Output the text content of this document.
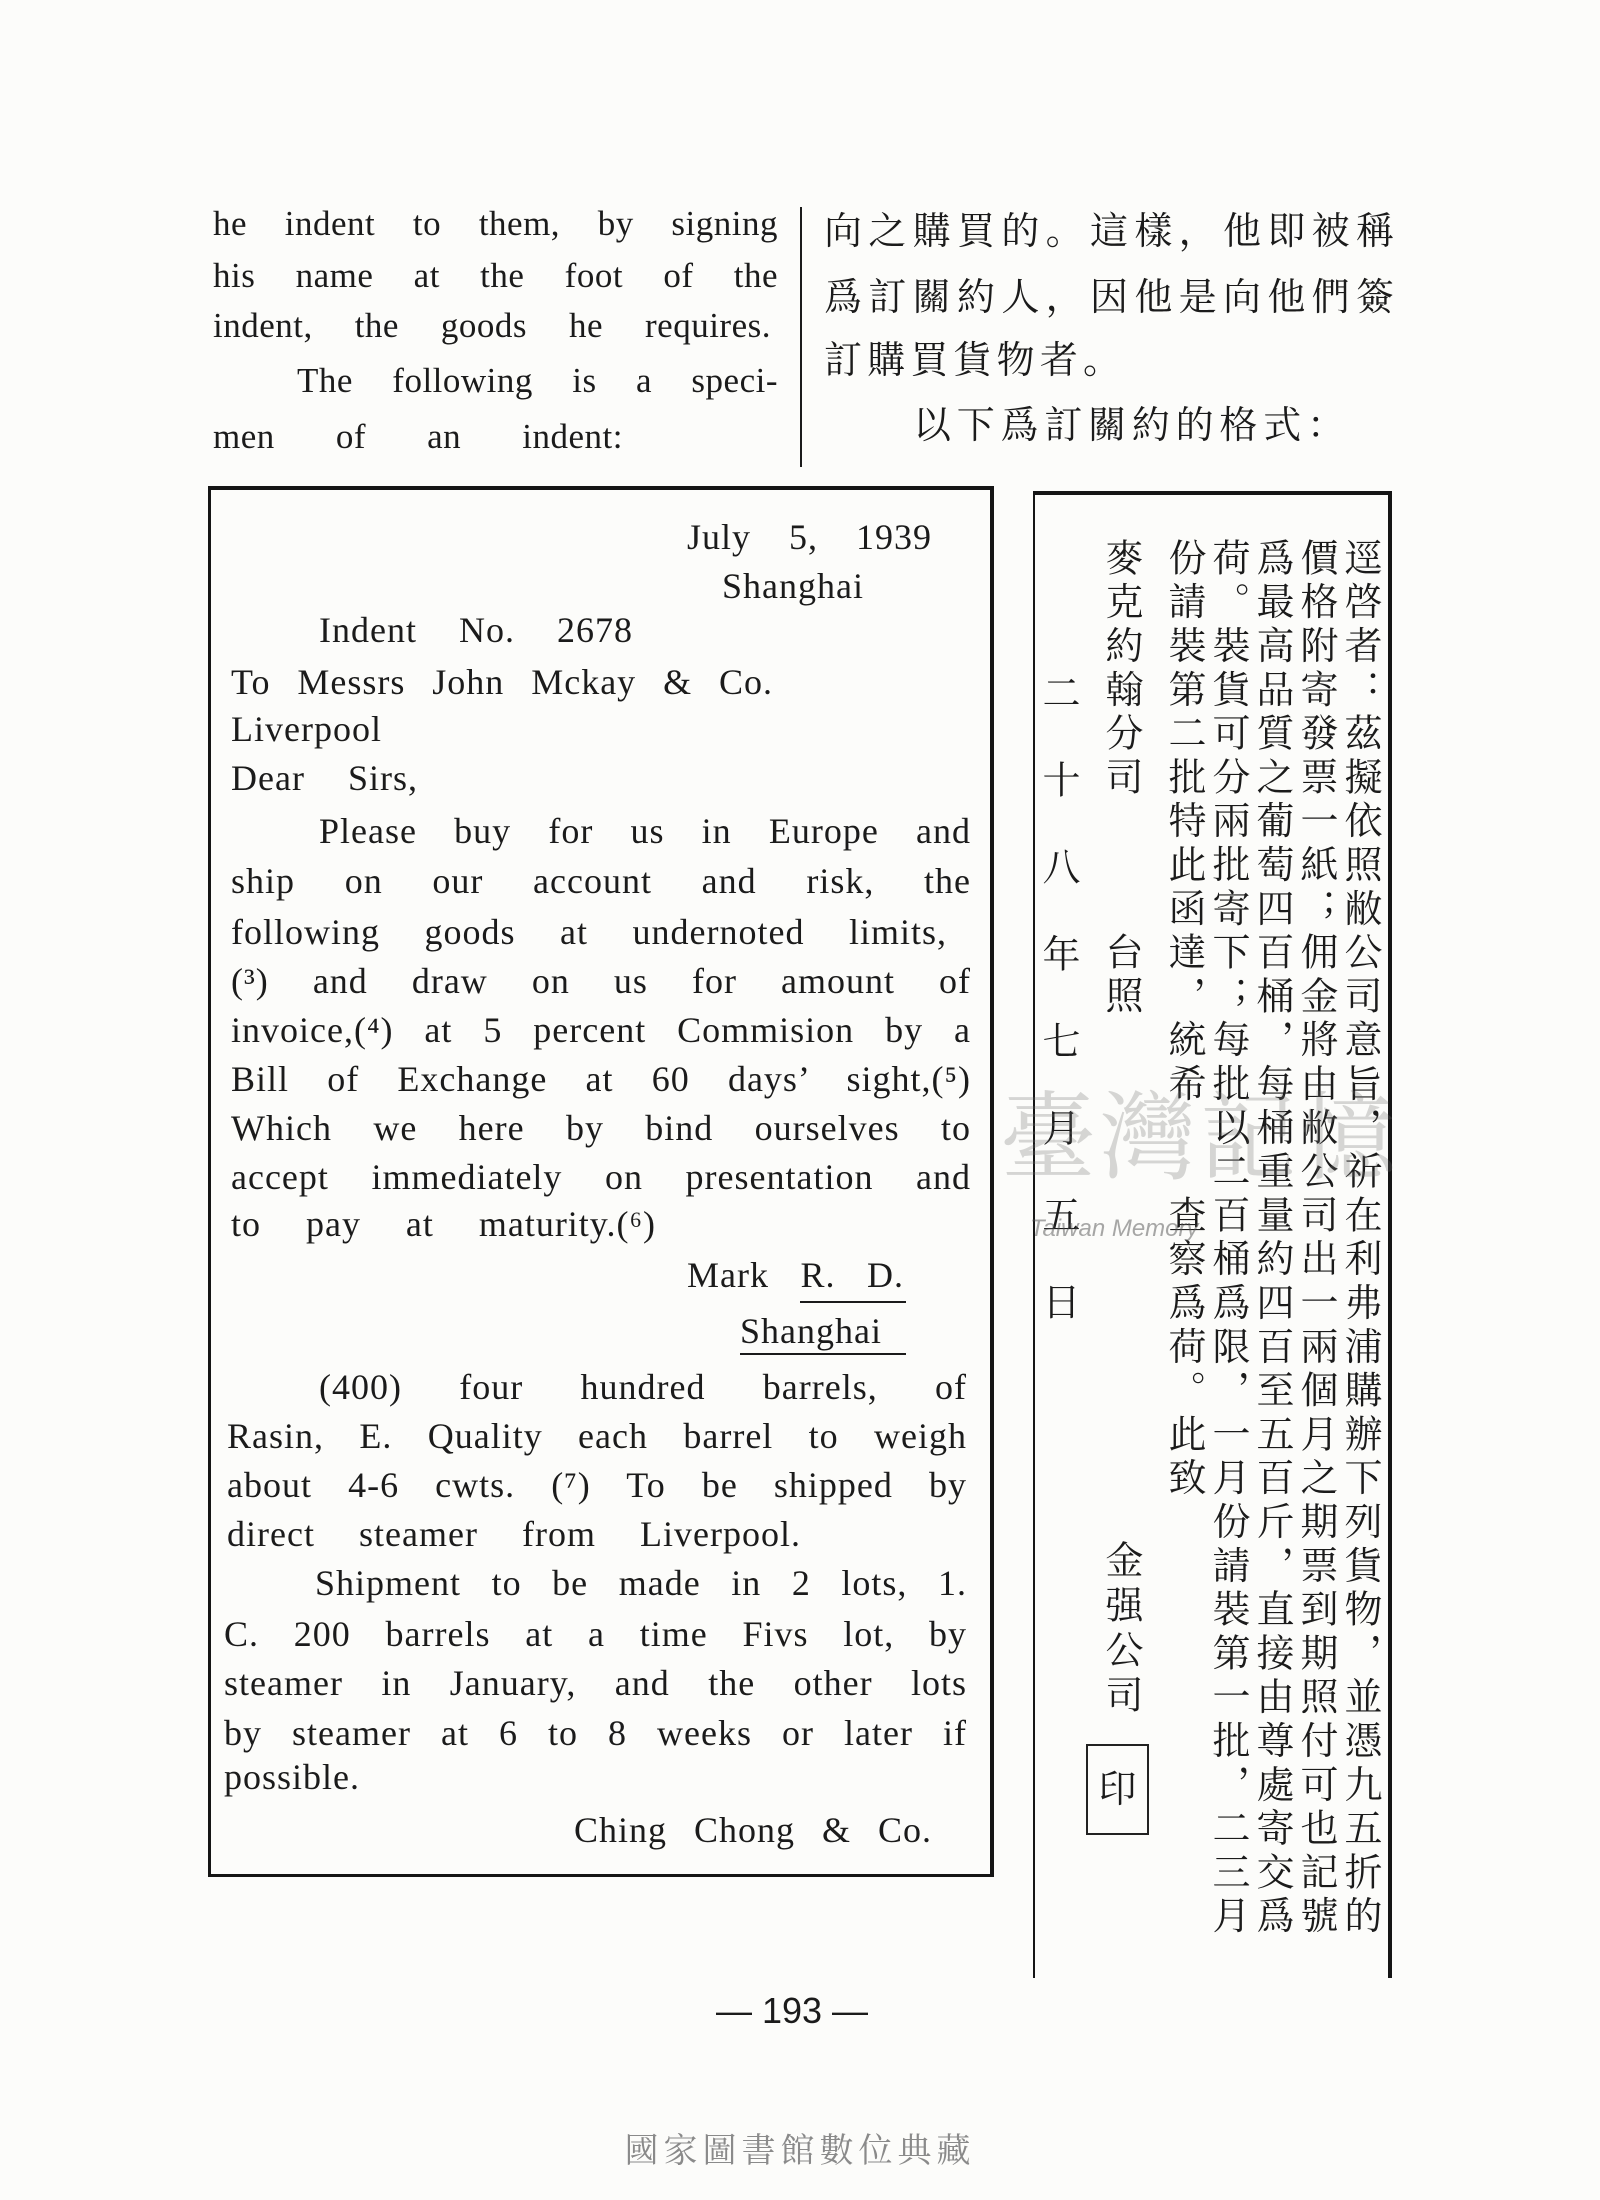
he indent to them, by signing
his name at the foot of the
indent, the goods he requires.
The following is a speci-
men of an indent:
向之購買的。這樣，他即被稱
爲訂關約人，因他是向他們簽
訂購買貨物者。
以下爲訂關約的格式：
July 5, 1939
Shanghai
Indent No. 2678
To Messrs John Mckay & Co.
Liverpool
Dear Sirs,
Please buy for us in Europe and
ship on our account and risk, the
following goods at undernoted limits,
(³) and draw on us for amount of
invoice,(⁴) at 5 percent Commision by a
Bill of Exchange at 60 days’ sight,(⁵)
Which we here by bind ourselves to
accept immediately on presentation and
to pay at maturity.(⁶)
Mark R. D.
Shanghai
(400) four hundred barrels, of
Rasin, E. Quality each barrel to weigh
about 4-6 cwts. (⁷) To be shipped by
direct steamer from Liverpool.
Shipment to be made in 2 lots, 1.
C. 200 barrels at a time Fivs lot, by
steamer in January, and the other lots
by steamer at 6 to 8 weeks or later if
possible.
Ching Chong & Co.	逕啓者：茲擬依照敝公司意旨，祈在利弗浦購辦下列貨物，並憑九五折的
價格附寄發票一紙；佣金將由敝公司出一兩個月之期票到期照付可也記號
爲最高品質之葡萄四百桶，每桶重量約四百至五百斤，直接由尊處寄交爲
荷。裝貨可分兩批寄下；每批以二百桶爲限，一月份請裝第一批，二三月
份請裝第二批特此函達，統希　　查察爲荷。此致
麥克約翰分司
台照
二十八年七月五日
金强公司
印
臺灣記憶
Taiwan Memory
— 193 —
國家圖書館數位典藏
